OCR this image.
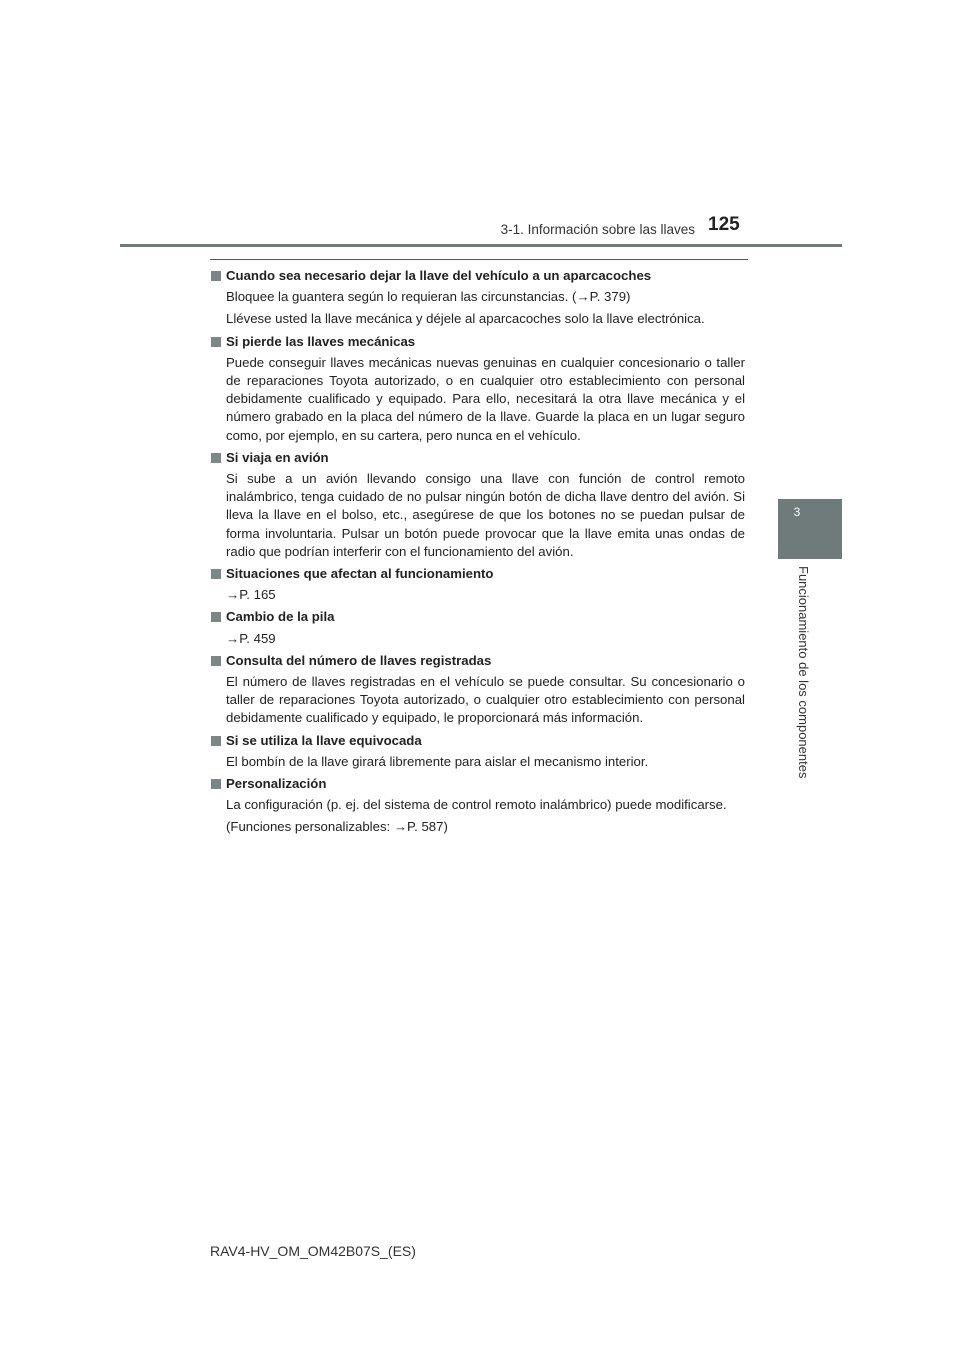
3-1. Información sobre las llaves 125
3
Funcionamiento de los componentes
Cuando sea necesario dejar la llave del vehículo a un aparcacoches

Bloquee la guantera según lo requieran las circunstancias. (→P. 379)

Llévese usted la llave mecánica y déjele al aparcacoches solo la llave electrónica.

Si pierde las llaves mecánicas

Puede conseguir llaves mecánicas nuevas genuinas en cualquier concesionario o taller de reparaciones Toyota autorizado, o en cualquier otro establecimiento con personal debidamente cualificado y equipado. Para ello, necesitará la otra llave mecánica y el número grabado en la placa del número de la llave. Guarde la placa en un lugar seguro como, por ejemplo, en su cartera, pero nunca en el vehículo.

Si viaja en avión

Si sube a un avión llevando consigo una llave con función de control remoto inalámbrico, tenga cuidado de no pulsar ningún botón de dicha llave dentro del avión. Si lleva la llave en el bolso, etc., asegúrese de que los botones no se puedan pulsar de forma involuntaria. Pulsar un botón puede provocar que la llave emita unas ondas de radio que podrían interferir con el funcionamiento del avión.

Situaciones que afectan al funcionamiento

→P. 165

Cambio de la pila

→P. 459

Consulta del número de llaves registradas

El número de llaves registradas en el vehículo se puede consultar. Su concesionario o taller de reparaciones Toyota autorizado, o cualquier otro establecimiento con personal debidamente cualificado y equipado, le proporcionará más información.

Si se utiliza la llave equivocada

El bombín de la llave girará libremente para aislar el mecanismo interior.

Personalización

La configuración (p. ej. del sistema de control remoto inalámbrico) puede modificarse.

(Funciones personalizables: →P. 587)

RAV4-HV_OM_OM42B07S_(ES)
